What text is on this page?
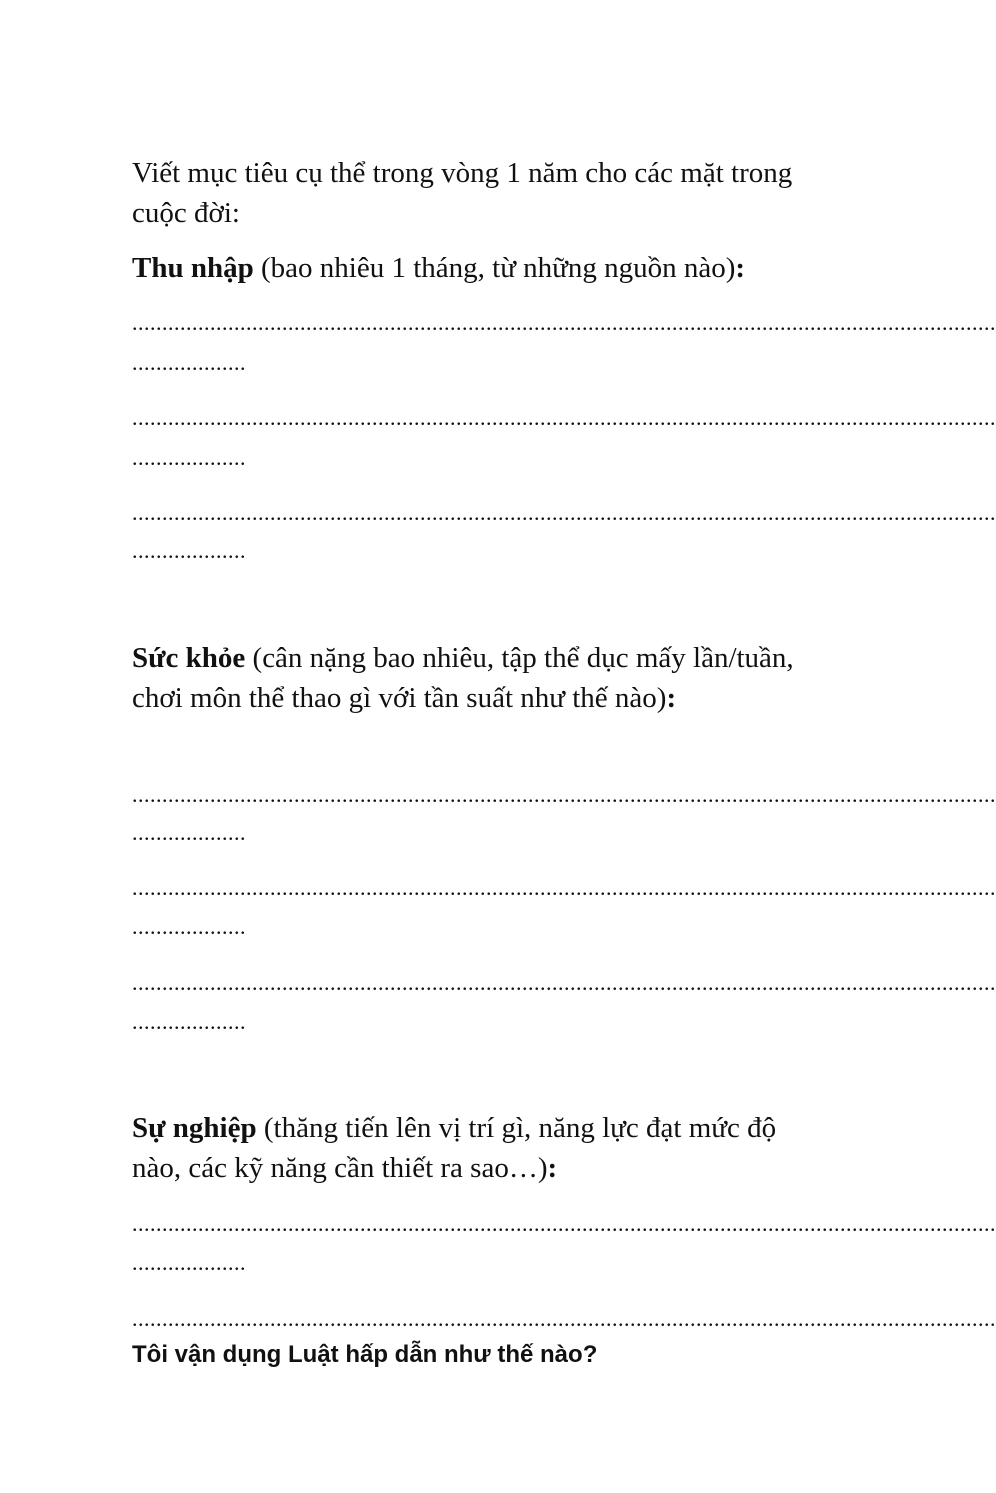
Viết mục tiêu cụ thể trong vòng 1 năm cho các mặt trong cuộc đời:
Thu nhập (bao nhiêu 1 tháng, từ những nguồn nào):
................................................................................................................................................
...................
................................................................................................................................................
...................
................................................................................................................................................
...................
Sức khỏe (cân nặng bao nhiêu, tập thể dục mấy lần/tuần, chơi môn thể thao gì với tần suất như thế nào):
................................................................................................................................................
...................
................................................................................................................................................
...................
................................................................................................................................................
...................
Sự nghiệp (thăng tiến lên vị trí gì, năng lực đạt mức độ nào, các kỹ năng cần thiết ra sao…):
................................................................................................................................................
...................
................................................................................................................................................
Tôi vận dụng Luật hấp dẫn như thế nào?
